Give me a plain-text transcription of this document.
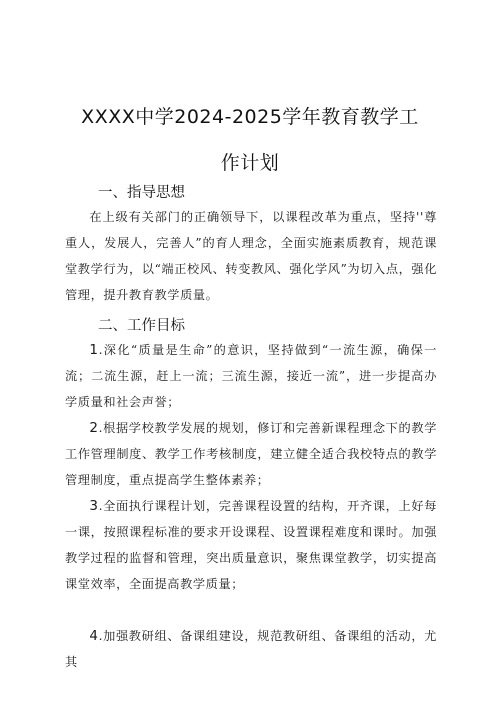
XXXX中学2024-2025学年教育教学工
作计划
一、指导思想

在上级有关部门的正确领导下，以课程改革为重点，坚持''尊重人，发展人，完善人”的育人理念，全面实施素质教育，规范课堂教学行为，以“端正校风、转变教风、强化学风”为切入点，强化管理，提升教育教学质量。

二、工作目标

1.深化“质量是生命”的意识，坚持做到“一流生源，确保一流；二流生源，赶上一流；三流生源，接近一流”，进一步提高办学质量和社会声誉；

2.根据学校教学发展的规划，修订和完善新课程理念下的教学工作管理制度、教学工作考核制度，建立健全适合我校特点的教学管理制度，重点提高学生整体素养；

3.全面执行课程计划，完善课程设置的结构，开齐课，上好每一课，按照课程标准的要求开设课程、设置课程难度和课时。加强教学过程的监督和管理，突出质量意识，聚焦课堂教学，切实提高课堂效率，全面提高教学质量；

4.加强教研组、备课组建设，规范教研组、备课组的活动，尤其
